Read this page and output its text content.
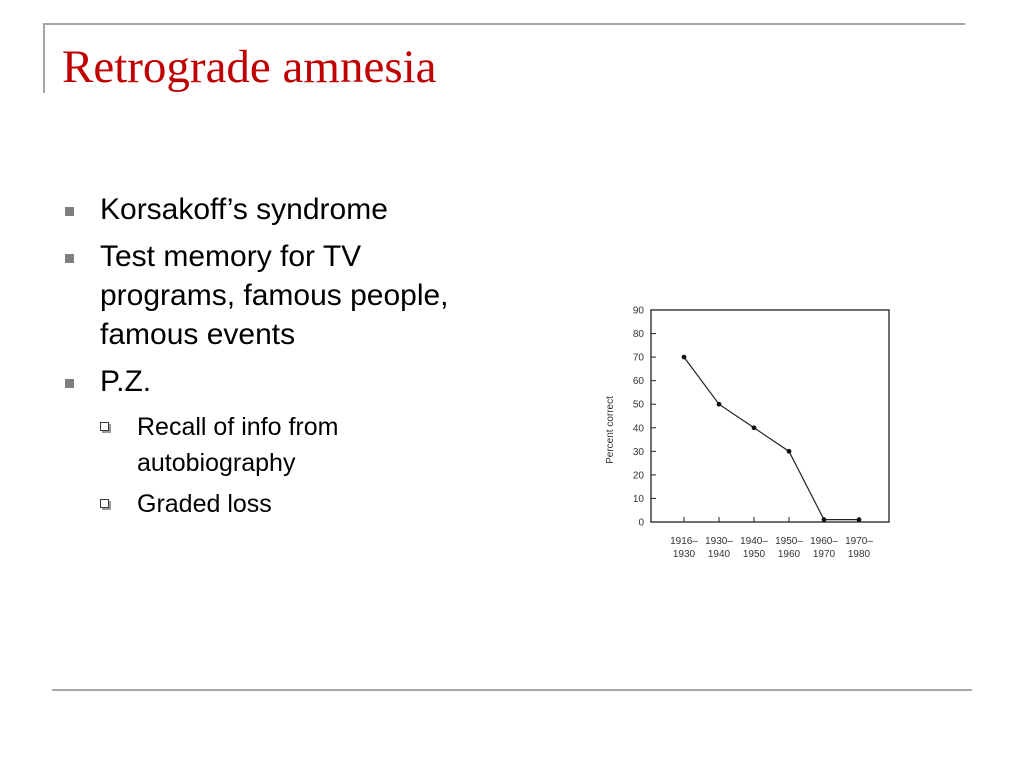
Retrograde amnesia
Korsakoff’s syndrome
Test memory for TV programs, famous people, famous events
P.Z.
Recall of info from autobiography
Graded loss
Percent correct
0
10
20
30
40
50
60
70
80
90
1916–
1930
1930–
1940
1940–
1950
1950–
1960
1960–
1970
1970–
1980
